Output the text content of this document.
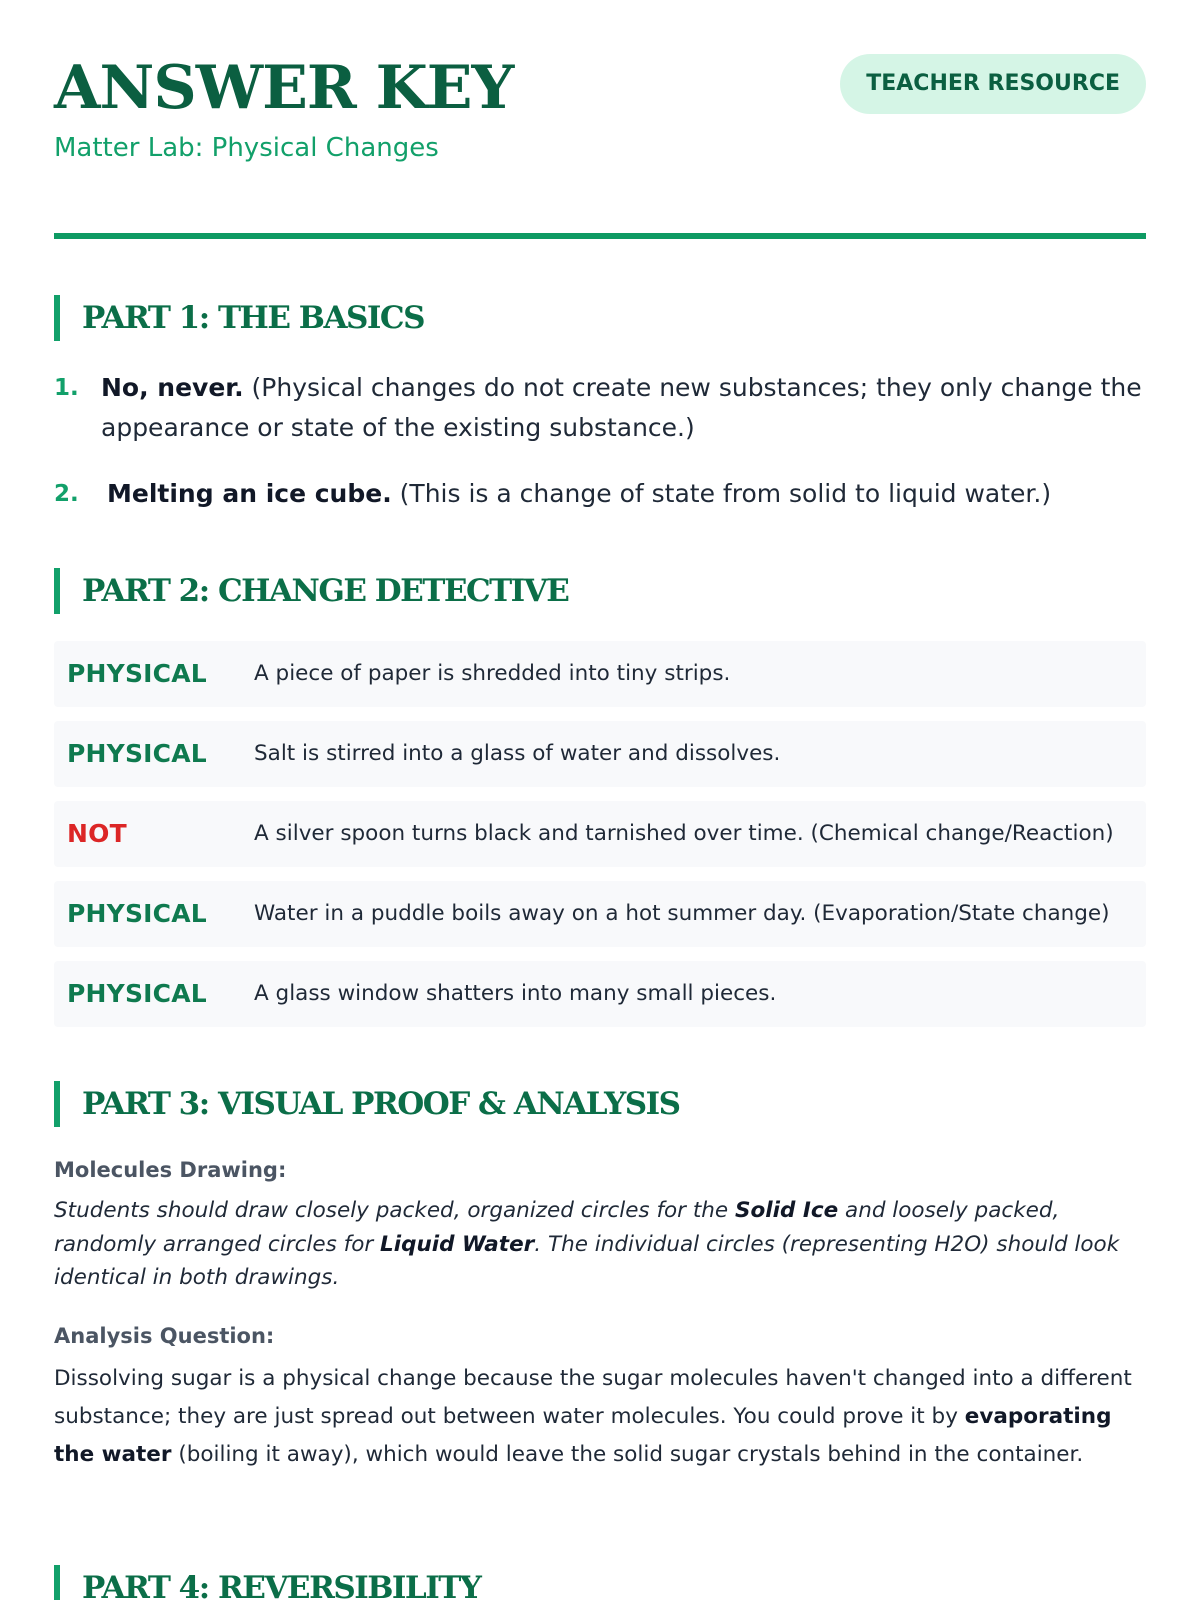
ANSWER KEY
Matter Lab: Physical Changes
TEACHER RESOURCE
PART 1: THE BASICS
1. No, never. (Physical changes do not create new substances; they only change the appearance or state of the existing substance.)
2. Melting an ice cube. (This is a change of state from solid to liquid water.)
PART 2: CHANGE DETECTIVE
PHYSICAL A piece of paper is shredded into tiny strips.
PHYSICAL Salt is stirred into a glass of water and dissolves.
NOT	A silver spoon turns black and tarnished over time. (Chemical change/Reaction)
PHYSICAL Water in a puddle boils away on a hot summer day. (Evaporation/State change)
PHYSICAL A glass window shatters into many small pieces.
PART 3: VISUAL PROOF & ANALYSIS
Molecules Drawing:
Students should draw closely packed, organized circles for the Solid Ice and loosely packed, randomly arranged circles for Liquid Water. The individual circles (representing H2O) should look identical in both drawings.
Analysis Question:
Dissolving sugar is a physical change because the sugar molecules haven't changed into a different substance; they are just spread out between water molecules. You could prove it by evaporating the water (boiling it away), which would leave the solid sugar crystals behind in the container.
PART 4: REVERSIBILITY
